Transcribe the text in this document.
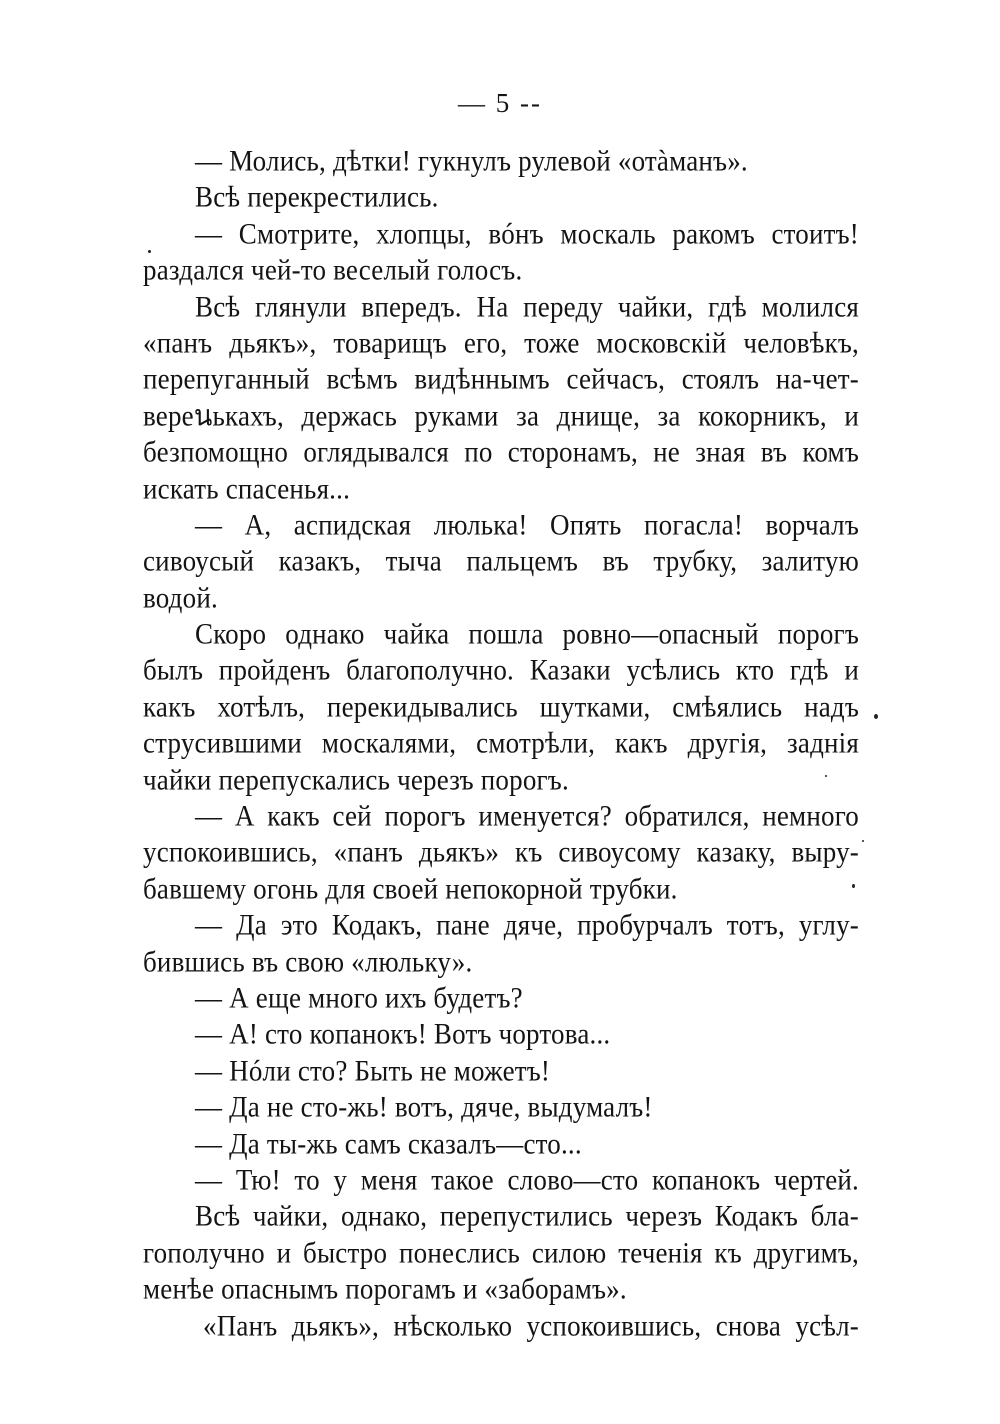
— 5 --
— Молись, дѣтки! гукнулъ рулевой «отàманъ».
Всѣ перекрестились.
— Смотрите, хлопцы, вóнъ москаль ракомъ стоитъ!
раздался чей-то веселый голосъ.
Всѣ глянули впередъ. На переду чайки, гдѣ молился
«панъ дьякъ», товарищъ его, тоже московскій человѣкъ,
перепуганный всѣмъ видѣннымъ сейчасъ, стоялъ на-чет-
вереนькахъ, держась руками за днище, за кокорникъ, и
безпомощно оглядывался по сторонамъ, не зная въ комъ
искать спасенья...
— А, аспидская люлька! Опять погасла! ворчалъ
сивоусый казакъ, тыча пальцемъ въ трубку, залитую
водой.
Скоро однако чайка пошла ровно—опасный порогъ
былъ пройденъ благополучно. Казаки усѣлись кто гдѣ и
какъ хотѣлъ, перекидывались шутками, смѣялись надъ
струсившими москалями, смотрѣли, какъ другія, заднія
чайки перепускались черезъ порогъ.
— А какъ сей порогъ именуется? обратился, немного
успокоившись, «панъ дьякъ» къ сивоусому казаку, выру-
бавшему огонь для своей непокорной трубки.
— Да это Кодакъ, пане дяче, пробурчалъ тотъ, углу-
бившись въ свою «люльку».
— А еще много ихъ будетъ?
— А! сто копанокъ! Вотъ чортова...
— Нóли сто? Быть не можетъ!
— Да не сто-жь! вотъ, дяче, выдумалъ!
— Да ты-жь самъ сказалъ—сто...
— Тю! то у меня такое слово—сто копанокъ чертей.
Всѣ чайки, однако, перепустились черезъ Кодакъ бла-
гополучно и быстро понеслись силою теченія къ другимъ,
менѣе опаснымъ порогамъ и «заборамъ».
«Панъ дьякъ», нѣсколько успокоившись, снова усѣл-
